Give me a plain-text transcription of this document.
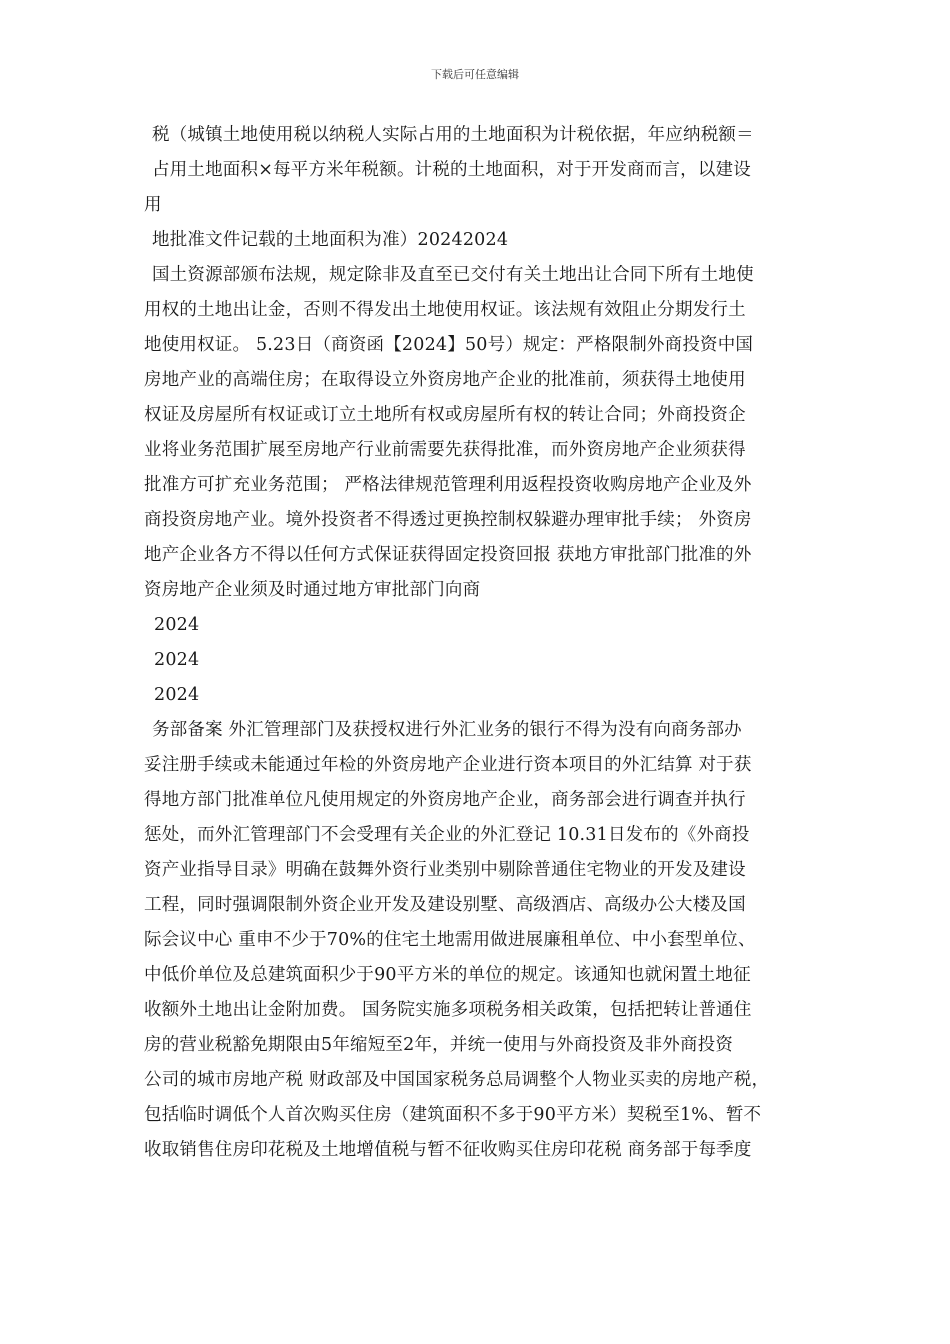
下载后可任意编辑
税（城镇土地使用税以纳税人实际占用的土地面积为计税依据，年应纳税额＝
占用土地面积×每平方米年税额。计税的土地面积，对于开发商而言，以建设
用
地批准文件记载的土地面积为准）20242024
国土资源部颁布法规，规定除非及直至已交付有关土地出让合同下所有土地使
用权的土地出让金，否则不得发出土地使用权证。该法规有效阻止分期发行土
地使用权证。 5.23日（商资函【2024】50号）规定：严格限制外商投资中国
房地产业的高端住房；在取得设立外资房地产企业的批准前，须获得土地使用
权证及房屋所有权证或订立土地所有权或房屋所有权的转让合同；外商投资企
业将业务范围扩展至房地产行业前需要先获得批准，而外资房地产企业须获得
批准方可扩充业务范围； 严格法律规范管理利用返程投资收购房地产企业及外
商投资房地产业。境外投资者不得透过更换控制权躲避办理审批手续； 外资房
地产企业各方不得以任何方式保证获得固定投资回报 获地方审批部门批准的外
资房地产企业须及时通过地方审批部门向商
2024
2024
2024
务部备案 外汇管理部门及获授权进行外汇业务的银行不得为没有向商务部办
妥注册手续或未能通过年检的外资房地产企业进行资本项目的外汇结算 对于获
得地方部门批准单位凡使用规定的外资房地产企业，商务部会进行调查并执行
惩处，而外汇管理部门不会受理有关企业的外汇登记 10.31日发布的《外商投
资产业指导目录》明确在鼓舞外资行业类别中剔除普通住宅物业的开发及建设
工程，同时强调限制外资企业开发及建设别墅、高级酒店、高级办公大楼及国
际会议中心 重申不少于70%的住宅土地需用做进展廉租单位、中小套型单位、
中低价单位及总建筑面积少于90平方米的单位的规定。该通知也就闲置土地征
收额外土地出让金附加费。 国务院实施多项税务相关政策，包括把转让普通住
房的营业税豁免期限由5年缩短至2年，并统一使用与外商投资及非外商投资
公司的城市房地产税 财政部及中国国家税务总局调整个人物业买卖的房地产税，
包括临时调低个人首次购买住房（建筑面积不多于90平方米）契税至1%、暂不
收取销售住房印花税及土地增值税与暂不征收购买住房印花税 商务部于每季度
